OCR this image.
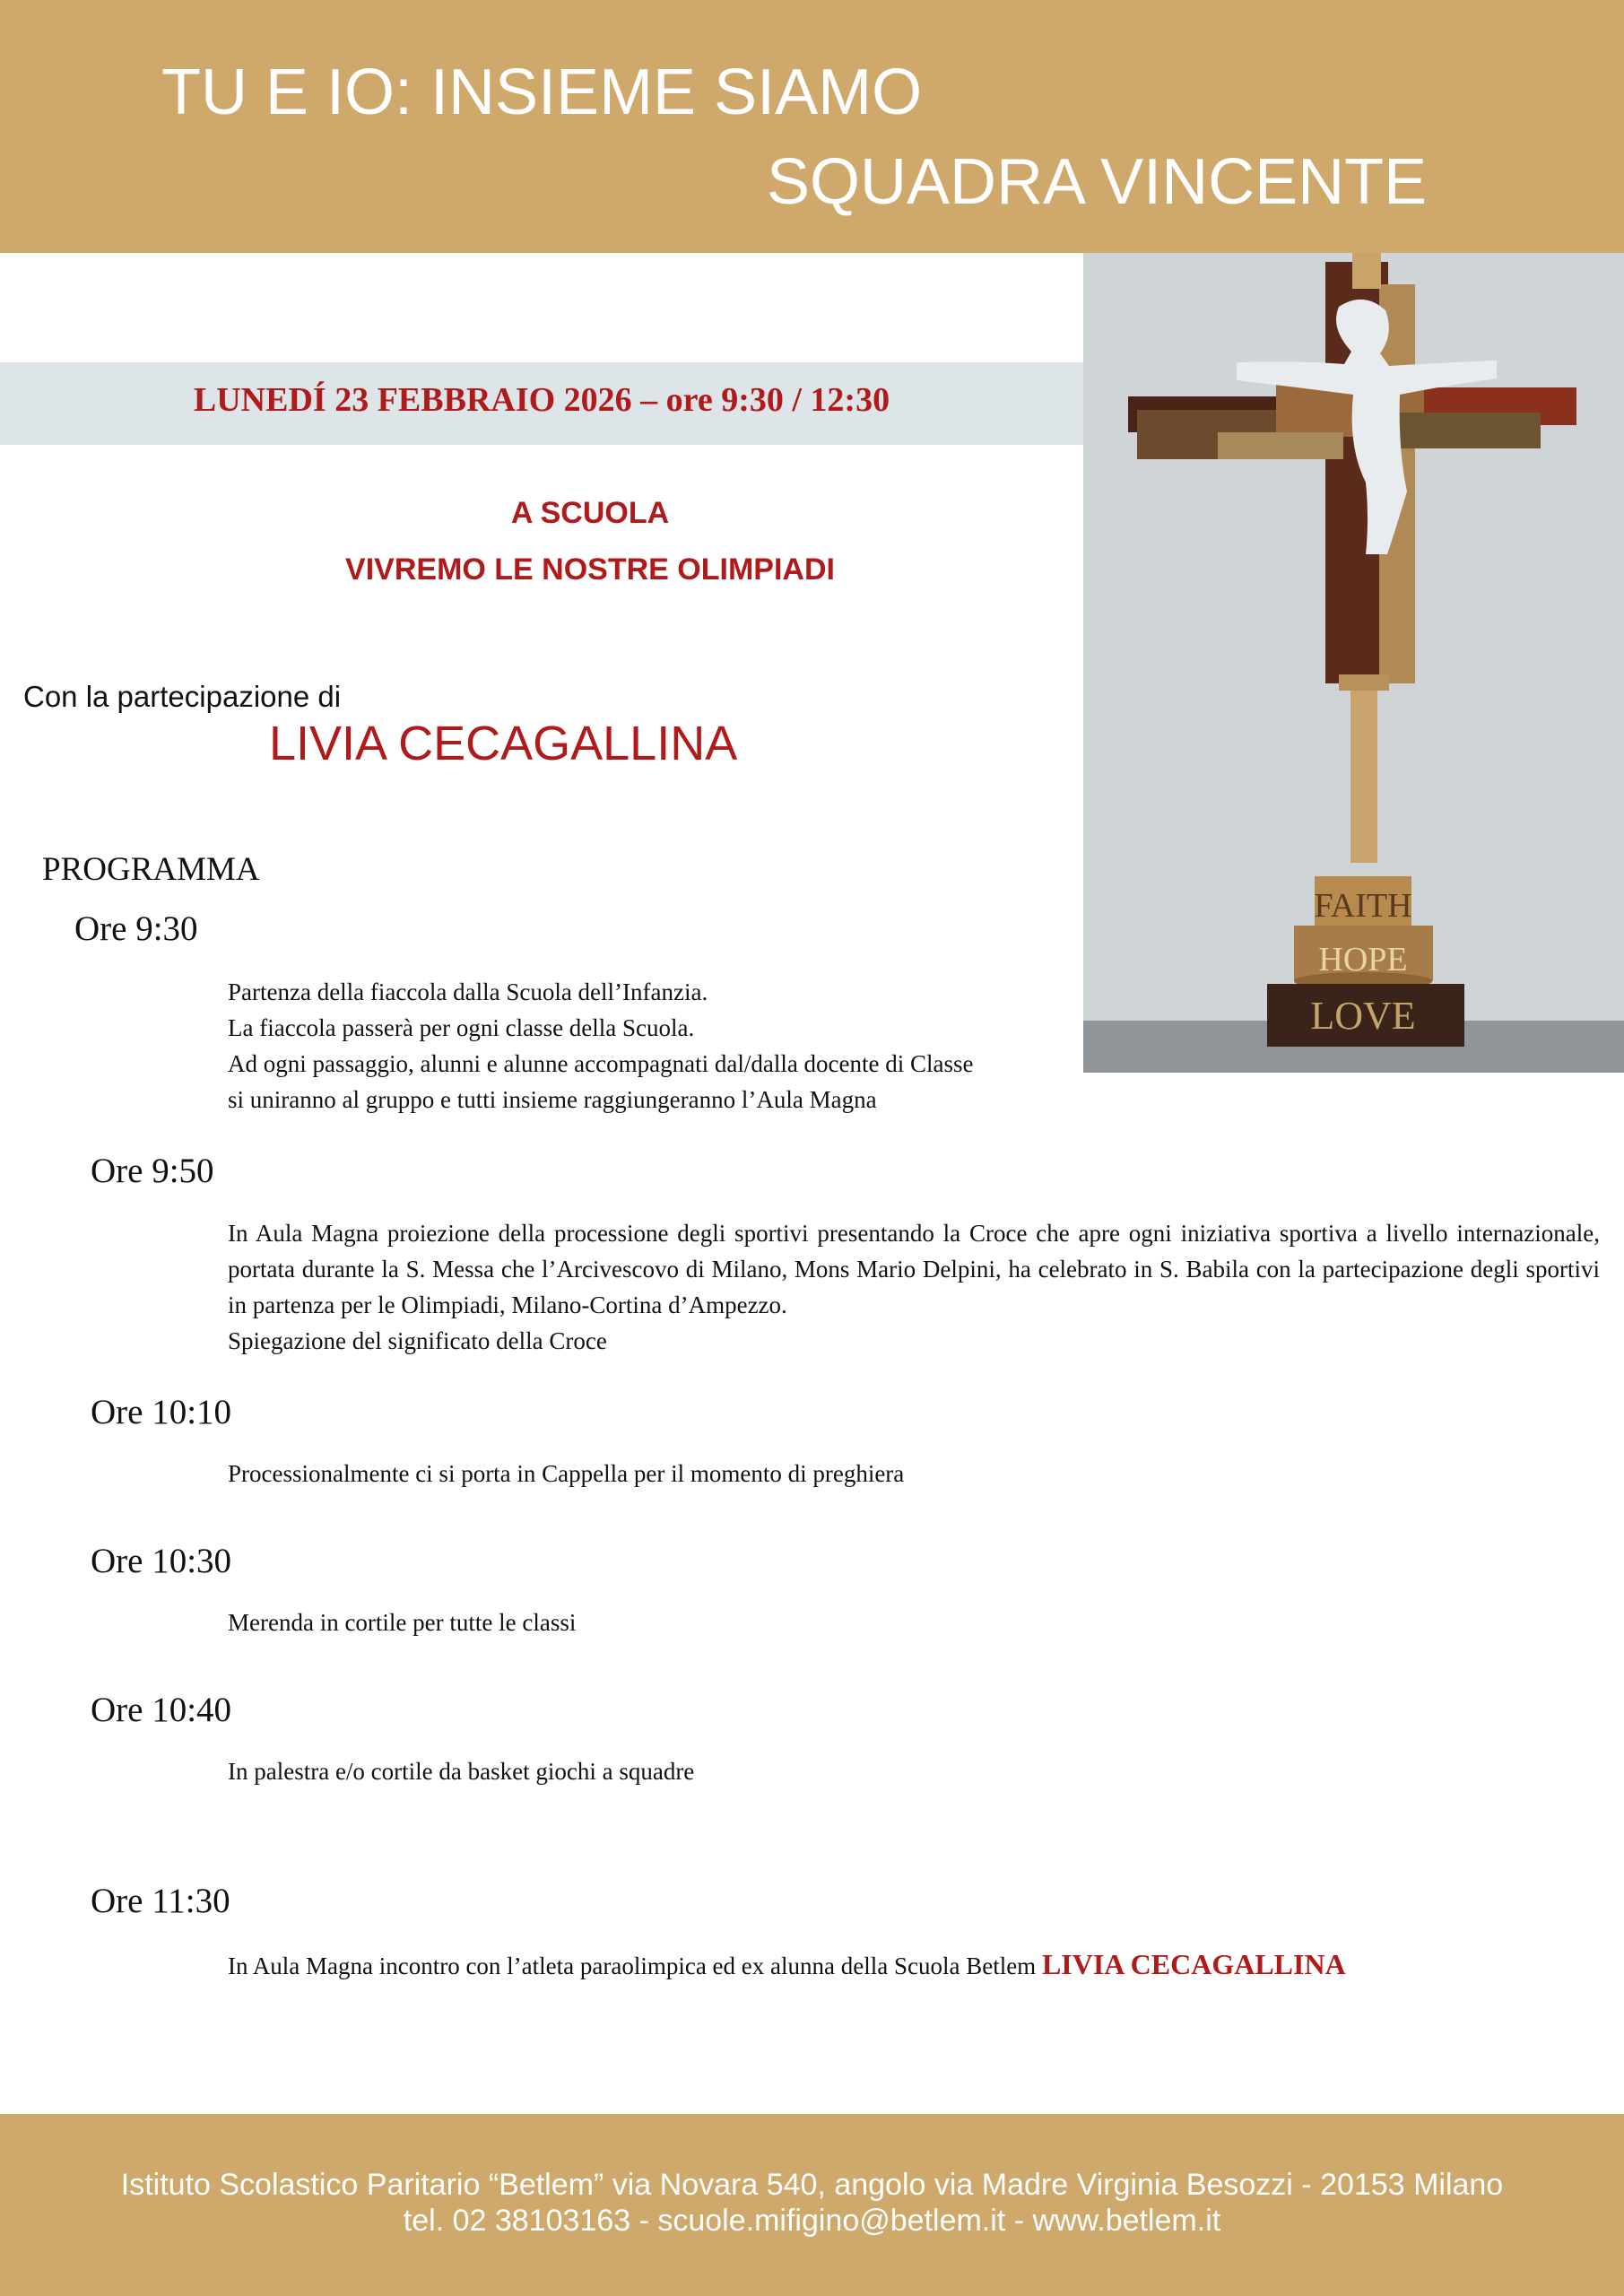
TU E IO: INSIEME SIAMO
SQUADRA VINCENTE
LUNEDÍ 23 FEBBRAIO 2026 – ore 9:30 / 12:30
FAITH
HOPE
LOVE
A SCUOLA
VIVREMO LE NOSTRE OLIMPIADI
Con la partecipazione di
LIVIA CECAGALLINA
PROGRAMMA
Ore 9:30
Partenza della fiaccola dalla Scuola dell’Infanzia.
La fiaccola passerà per ogni classe della Scuola.
Ad ogni passaggio, alunni e alunne accompagnati dal/dalla docente di Classe
si uniranno al gruppo e tutti insieme raggiungeranno l’Aula Magna
Ore 9:50
In Aula Magna proiezione della processione degli sportivi presentando la Croce che apre ogni iniziativa sportiva a livello internazionale, portata durante la S. Messa che l’Arcivescovo di Milano, Mons Mario Delpini, ha celebrato in S. Babila con la partecipazione degli sportivi in partenza per le Olimpiadi, Milano-Cortina d’Ampezzo.
Spiegazione del significato della Croce
Ore 10:10
Processionalmente ci si porta in Cappella per il momento di preghiera
Ore 10:30
Merenda in cortile per tutte le classi
Ore 10:40
In palestra e/o cortile da basket giochi a squadre
Ore 11:30
In Aula Magna incontro con l’atleta paraolimpica ed ex alunna della Scuola Betlem LIVIA CECAGALLINA
Istituto Scolastico Paritario “Betlem” via Novara 540, angolo via Madre Virginia Besozzi - 20153 Milano
tel. 02 38103163 - scuole.mifigino@betlem.it - www.betlem.it
